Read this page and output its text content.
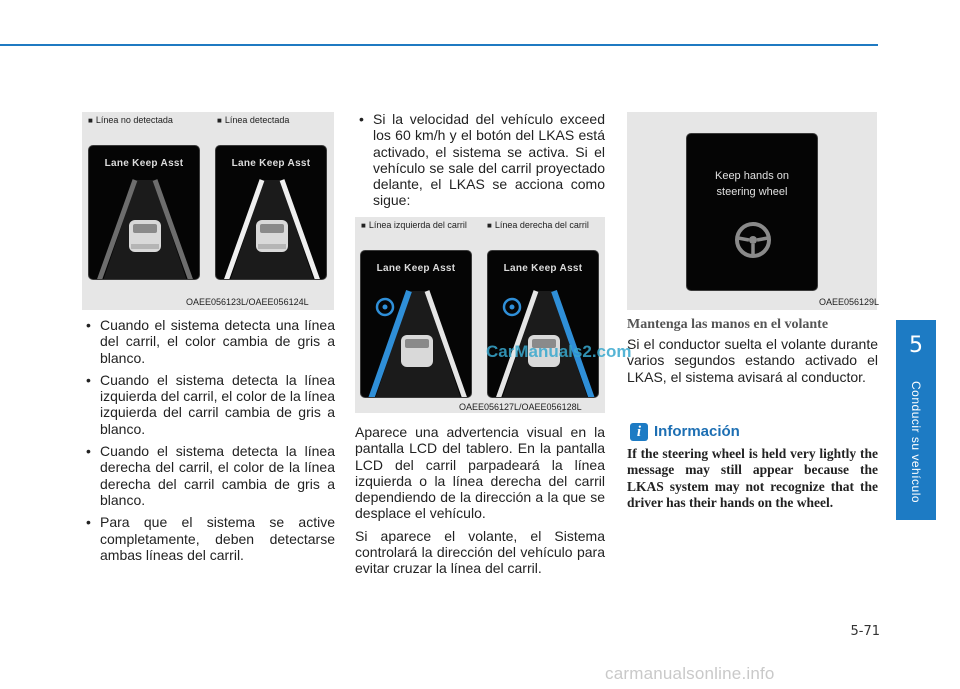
■ Línea no detectada	■ Línea detectada
Lane Keep Asst	Lane Keep Asst
OAEE056123L/OAEE056124L
• Cuando el sistema detecta una línea del carril, el color cambia de gris a blanco.
• Cuando el sistema detecta la línea izquierda del carril, el color de la línea izquierda del carril cambia de gris a blanco.
• Cuando el sistema detecta la línea derecha del carril, el color de la línea derecha del carril cambia de gris a blanco.
• Para que el sistema se active completamente, deben detectarse ambas líneas del carril.
• Si la velocidad del vehículo exceed los 60 km/h y el botón del LKAS está activado, el sistema se activa. Si el vehículo se sale del carril proyectado delante, el LKAS se acciona como sigue:
■ Línea izquierda del carril	■ Línea derecha del carril
Lane Keep Asst	Lane Keep Asst
OAEE056127L/OAEE056128L
Aparece una advertencia visual en la pantalla LCD del tablero. En la pantalla LCD del carril parpadeará la línea izquierda o la línea derecha del carril dependiendo de la dirección a la que se desplace el vehículo.
Si aparece el volante, el Sistema controlará la dirección del vehículo para evitar cruzar la línea del carril.
CarManuals2.com
Keep hands on
steering wheel
OAEE056129L
Mantenga las manos en el volante
Si el conductor suelta el volante durante varios segundos estando activado el LKAS, el sistema avisará al conductor.
i Información
If the steering wheel is held very lightly the message may still appear because the LKAS system may not recognize that the driver has their hands on the wheel.
5
Conducir su vehículo
5-71
carmanualsonline.info
